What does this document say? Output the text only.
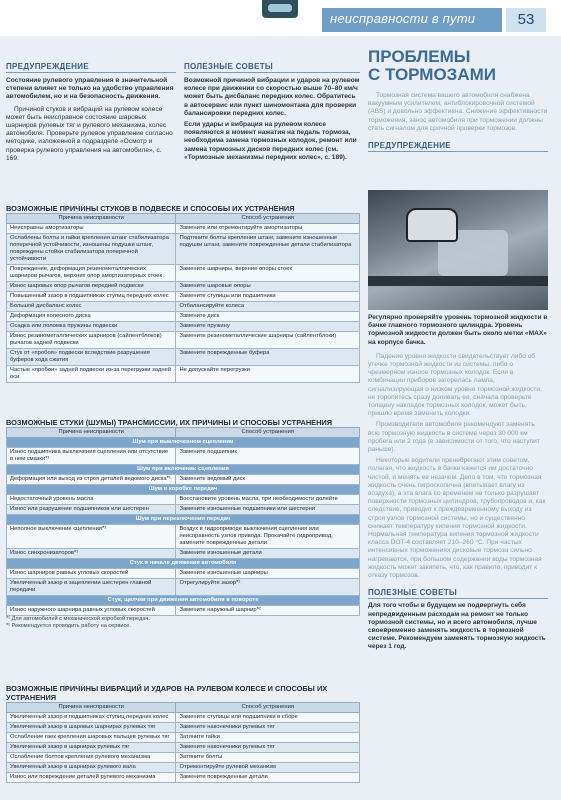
неисправности в пути	53
ПРЕДУПРЕЖДЕНИЕ
Состояние рулевого управления в значительной степени влияет не только на удобство управления автомобилем, но и на безопасность движения.
Причиной стуков и вибраций на рулевом колесе может быть неисправное состояние шаровых шарниров рулевых тяг и рулевого механизма, колес автомобиля. Проверьте рулевое управление согласно методике, изложенной в подразделе «Осмотр и проверка рулевого управления на автомобиле», с. 169.
ПОЛЕЗНЫЕ СОВЕТЫ
Возможной причиной вибрации и ударов на рулевом колесе при движении со скоростью выше 70–80 км/ч может быть дисбаланс передних колес. Обратитесь в автосервис или пункт шиномонтажа для проверки балансировки передних колес.
Если удары и вибрация на рулевом колесе появляются в момент нажатия на педаль тормоза, необходима замена тормозных колодок, ремонт или замена тормозных дисков передних колес (см. «Тормозные механизмы передних колес», с. 189).
ВОЗМОЖНЫЕ ПРИЧИНЫ СТУКОВ В ПОДВЕСКЕ И СПОСОБЫ ИХ УСТРАНЕНИЯ
Причина неисправности	Способ устранения
Неисправны амортизаторы	Замените или отремонтируйте амортизаторы
Ослаблены болты и гайки крепления штанг стабилизатора поперечной устойчивости, изношены подушки штанг, повреждены стойки стабилизатора поперечной устойчивости	Подтяните болты крепления штанг, замените изношенные подушки штанг, замените поврежденные детали стабилизатора
Повреждение, деформация резинометаллических шарниров рычагов, верхних опор амортизаторных стоек	Замените шарниры, верхние опоры стоек
Износ шаровых опор рычагов передней подвески	Замените шаровые опоры
Повышенный зазор в подшипниках ступиц передних колес	Замените ступицы или подшипники
Большой дисбаланс колес	Отбалансируйте колеса
Деформация колесного диска	Замените диск
Осадка или поломка пружины подвески	Замените пружину
Износ резинометаллических шарниров (сайлентблоков) рычагов задней подвески	Замените резинометаллические шарниры (сайлентблоки)
Стук от «пробоя» подвески вследствие разрушения буферов хода сжатия	Замените поврежденные буфера
Частые «пробои» задней подвески из-за перегрузки задней оси	Не допускайте перегрузки
ВОЗМОЖНЫЕ СТУКИ (ШУМЫ) ТРАНСМИССИИ, ИХ ПРИЧИНЫ И СПОСОБЫ УСТРАНЕНИЯ
Причина неисправности	Способ устранения
Шум при выключенном сцеплении	
Износ подшипника выключения сцепления или отсутствие в нем смазки*¹	Замените подшипник
Шум при включении сцепления	
Деформация или выход из строя деталей ведомого диска*¹	Замените ведомый диск
Шум в коробке передач	
Недостаточный уровень масла	Восстановите уровень масла, при необходимости долейте
Износ или разрушение подшипников или шестерен	Замените изношенные подшипники или шестерни
Шум при переключении передач	
Неполное выключение сцепления*¹	Воздух в гидроприводе выключения сцепления или неисправность узлов привода. Прокачайте гидропривод, замените поврежденные детали
Износ синхронизаторов*¹	Замените изношенные детали
Стук в начале движения автомобиля	
Износ шарниров равных угловых скоростей	Замените изношенные шарниры
Увеличенный зазор в зацеплении шестерен главной передачи	Отрегулируйте зазор*²
Стук, щелчки при движении автомобиля в повороте	
Износ наружного шарнира равных угловых скоростей	Замените наружный шарнир*²
*¹ Для автомобилей с механической коробкой передач.
*² Рекомендуется проводить работу на сервисе.
ВОЗМОЖНЫЕ ПРИЧИНЫ ВИБРАЦИЙ И УДАРОВ НА РУЛЕВОМ КОЛЕСЕ И СПОСОБЫ ИХ УСТРАНЕНИЯ
Причина неисправности	Способ устранения
Увеличенный зазор в подшипниках ступиц передних колес	Замените ступицы или подшипники в сборе
Увеличенный зазор в шаровых шарнирах рулевых тяг	Замените наконечники рулевых тяг
Ослабление гаек крепления шаровых пальцев рулевых тяг	Затяните гайки
Увеличенный зазор в шарнирах рулевых тяг	Замените наконечники рулевых тяг
Ослабление болтов крепления рулевого механизма	Затяните болты
Увеличенный зазор в шарнирах рулевого вала	Отремонтируйте рулевой механизм
Износ или повреждение деталей рулевого механизма	Замените поврежденные детали
ПРОБЛЕМЫ
С ТОРМОЗАМИ
Тормозная система вашего автомобиля снабжена вакуумным усилителем, антиблокировочной системой (ABS) и довольно эффективна. Снижение эффективности торможения, занос автомобиля при торможении должны стать сигналом для срочной проверки тормозов.
ПРЕДУПРЕЖДЕНИЕ
Регулярно проверяйте уровень тормозной жидкости в бачке главного тормозного цилиндра. Уровень тормозной жидкости должен быть около метки «MAX» на корпусе бачка.
Падение уровня жидкости свидетельствует либо об утечке тормозной жидкости из системы, либо о чрезмерном износе тормозных колодок. Если в комбинации приборов загорелась лампа, сигнализирующая о низком уровне тормозной жидкости, не торопитесь сразу доливать ее, сначала проверьте толщину накладок тормозных колодок, может быть, пришло время заменить колодки.
Производители автомобиля рекомендуют заменять всю тормозную жидкость в системе через 30 000 км пробега или 2 года (в зависимости от того, что наступит раньше).
Некоторые водители пренебрегают этим советом, полагая, что жидкость в бачке кажется им достаточно чистой, и менять ее незачем. Дело в том, что тормозная жидкость очень гигроскопична (впитывает влагу из воздуха), а эта влага со временем не только разрушает поверхности тормозных цилиндров, трубопроводов и, как следствие, приводит к преждевременному выходу из строя узлов тормозной системы, но и существенно снижает температуру кипения тормозной жидкости. Нормальная температура кипения тормозной жидкости класса DOT-4 составляет 210–260 °C. При частых интенсивных торможениях дисковые тормоза сильно нагреваются, при большом содержании воды тормозная жидкость может закипеть, что, как правило, приводит к отказу тормозов.
ПОЛЕЗНЫЕ СОВЕТЫ
Для того чтобы в будущем не подвергнуть себя непредвиденным расходам на ремонт не только тормозной системы, но и всего автомобиля, лучше своевременно заменять жидкость в тормозной системе. Рекомендуем заменять тормозную жидкость через 1 год.
